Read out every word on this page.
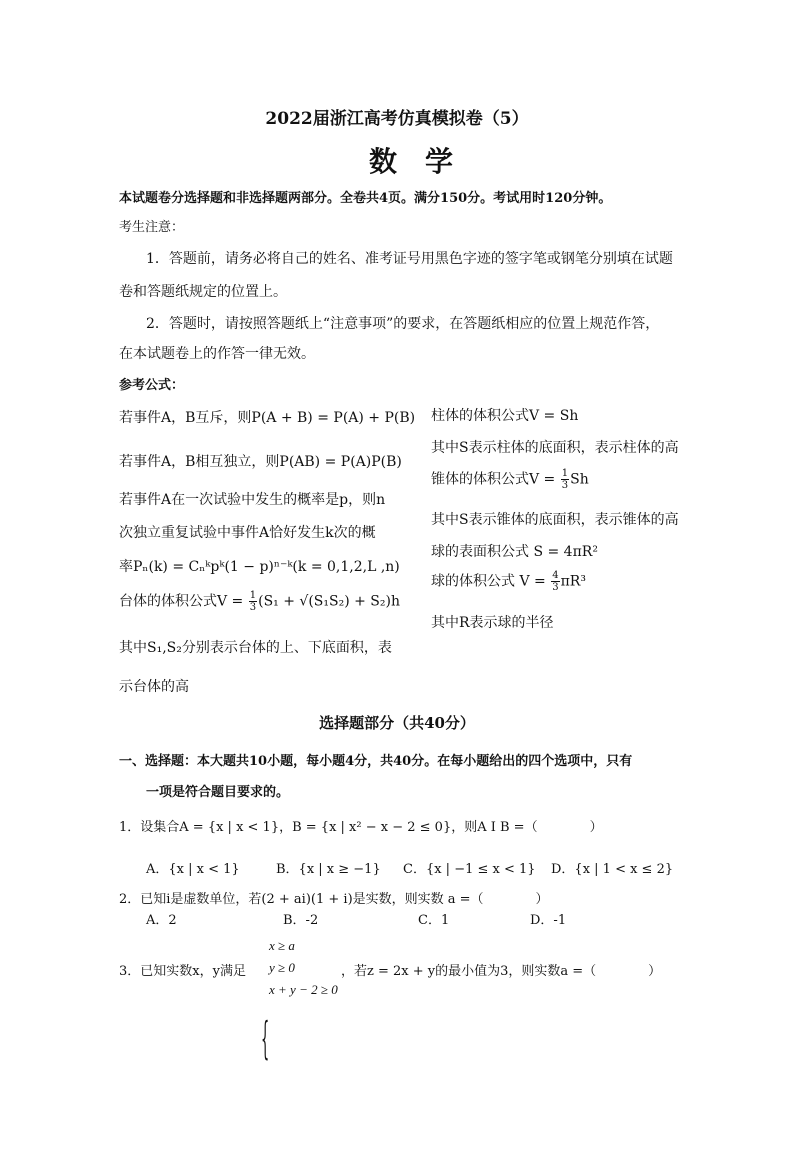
2022届浙江高考仿真模拟卷（5）
数学
本试题卷分选择题和非选择题两部分。全卷共4页。满分150分。考试用时120分钟。
考生注意：
1．答题前，请务必将自己的姓名、准考证号用黑色字迹的签字笔或钢笔分别填在试题
卷和答题纸规定的位置上。
2．答题时，请按照答题纸上“注意事项”的要求，在答题纸相应的位置上规范作答，
在本试题卷上的作答一律无效。
参考公式：
若事件A，B互斥，则P(A + B) = P(A) + P(B)
若事件A，B相互独立，则P(AB) = P(A)P(B)
若事件A在一次试验中发生的概率是p，则n
次独立重复试验中事件A恰好发生k次的概
率Pₙ(k) = Cₙᵏpᵏ(1 − p)ⁿ⁻ᵏ(k = 0,1,2,L ,n)
台体的体积公式$V = \frac{1}{3} (S_1 + √(S_1S_2) + S_2)h$
其中S₁,S₂分别表示台体的上、下底面积，表
示台体的高
柱体的体积公式V = Sh
其中S表示柱体的底面积，表示柱体的高
锥体的体积公式$V = \frac{1}{3}$ Sh
其中S表示锥体的底面积，表示锥体的高
球的表面积公式 S = 4πR²
球的体积公式 $V = \frac{4}{3} \pi R^3$
其中R表示球的半径
选择题部分（共40分）
一、选择题：本大题共10小题，每小题4分，共40分。在每小题给出的四个选项中，只有
一项是符合题目要求的。
1．设集合A = {x | x < 1}，B = {x | x² − x − 2 ≤ 0}，则A I B =（	）
A．{x | x < 1}	B．{x | x ≥ −1} C．{x | −1 ≤ x < 1} D．{x | 1 < x ≤ 2}
2．已知i是虚数单位，若(2 + ai)(1 + i)是实数，则实数 a =（	）
A．2	B．-2	C．1	D．-1
3．已知实数x，y满足
{
x ≥ a
y ≥ 0
x + y − 2 ≥ 0
，若z = 2x + y的最小值为3，则实数a =（	）
